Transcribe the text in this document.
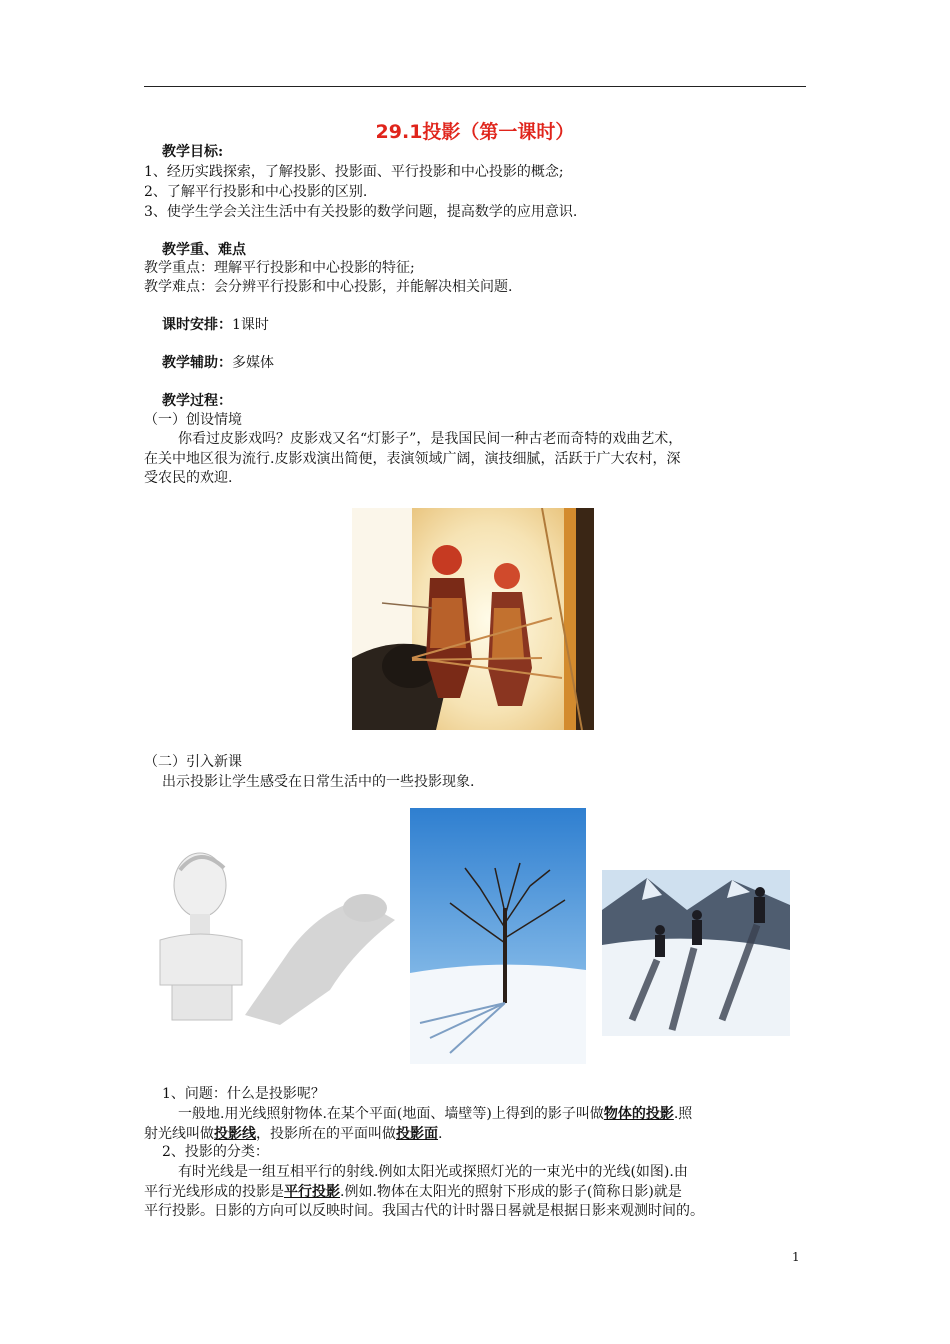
29.1投影（第一课时）
教学目标:
1、经历实践探索，了解投影、投影面、平行投影和中心投影的概念;
2、了解平行投影和中心投影的区别.
3、使学生学会关注生活中有关投影的数学问题，提高数学的应用意识.
教学重、难点
教学重点：理解平行投影和中心投影的特征;
教学难点：会分辨平行投影和中心投影，并能解决相关问题.
课时安排：1课时
教学辅助：多媒体
教学过程：
（一）创设情境
你看过皮影戏吗？皮影戏又名“灯影子”，是我国民间一种古老而奇特的戏曲艺术，
在关中地区很为流行.皮影戏演出简便，表演领域广阔，演技细腻，活跃于广大农村，深
受农民的欢迎.
（二）引入新课
出示投影让学生感受在日常生活中的一些投影现象.
1、问题：什么是投影呢？
一般地.用光线照射物体.在某个平面(地面、墙壁等)上得到的影子叫做物体的投影.照
射光线叫做投影线，投影所在的平面叫做投影面.
2、投影的分类：
有时光线是一组互相平行的射线.例如太阳光或探照灯光的一束光中的光线(如图).由
平行光线形成的投影是平行投影.例如.物体在太阳光的照射下形成的影子(简称日影)就是
平行投影。日影的方向可以反映时间。我国古代的计时器日晷就是根据日影来观测时间的。
1
